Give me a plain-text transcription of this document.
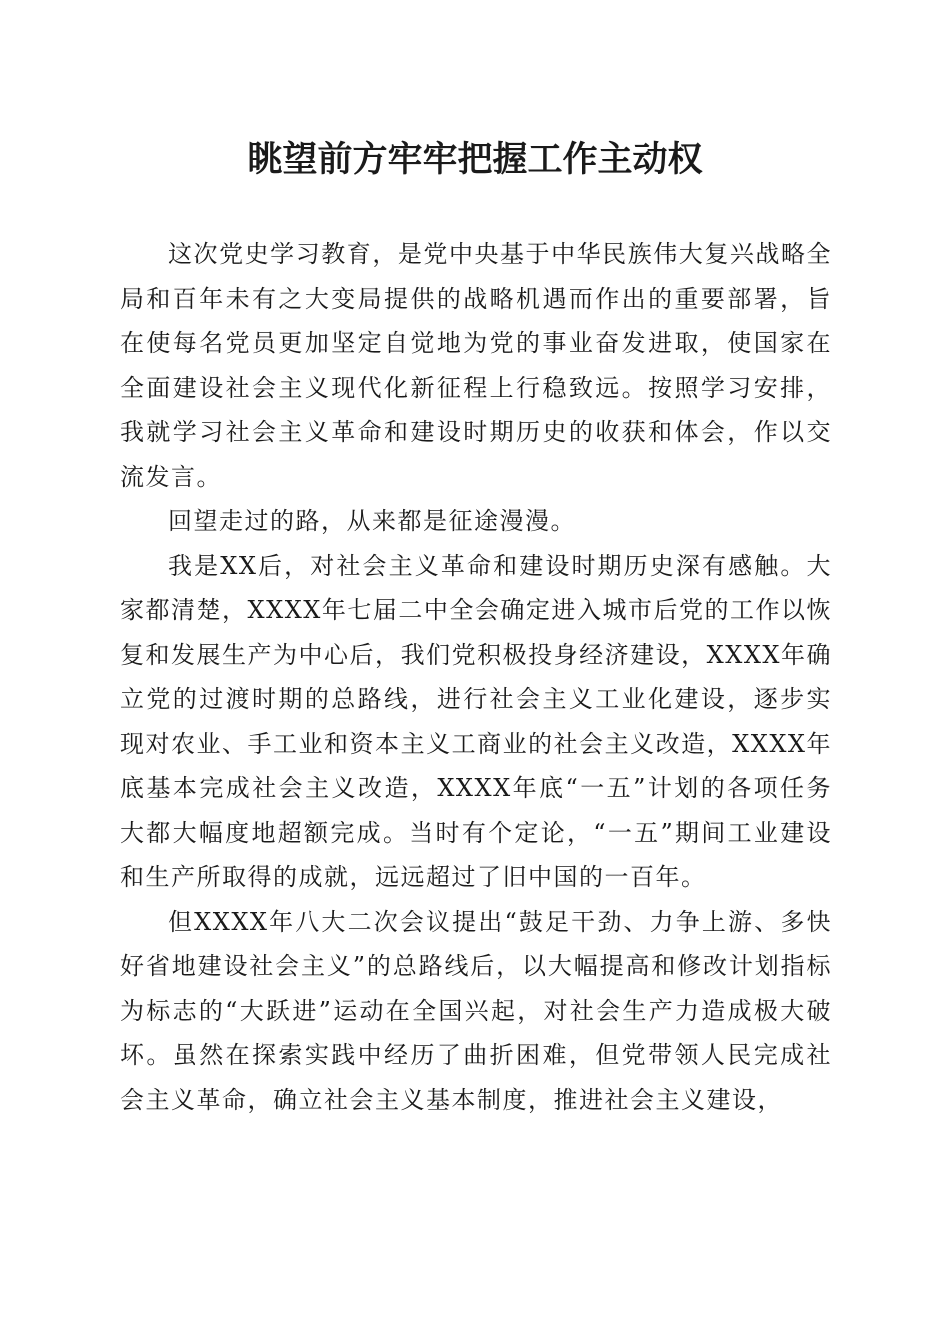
眺望前方牢牢把握工作主动权

这次党史学习教育，是党中央基于中华民族伟大复兴战略全局和百年未有之大变局提供的战略机遇而作出的重要部署，旨在使每名党员更加坚定自觉地为党的事业奋发进取，使国家在全面建设社会主义现代化新征程上行稳致远。按照学习安排，我就学习社会主义革命和建设时期历史的收获和体会，作以交流发言。

回望走过的路，从来都是征途漫漫。

我是XX后，对社会主义革命和建设时期历史深有感触。大家都清楚，XXXX年七届二中全会确定进入城市后党的工作以恢复和发展生产为中心后，我们党积极投身经济建设，XXXX年确立党的过渡时期的总路线，进行社会主义工业化建设，逐步实现对农业、手工业和资本主义工商业的社会主义改造，XXXX年底基本完成社会主义改造，XXXX年底“一五”计划的各项任务大都大幅度地超额完成。当时有个定论，“一五”期间工业建设和生产所取得的成就，远远超过了旧中国的一百年。

但XXXX年八大二次会议提出“鼓足干劲、力争上游、多快好省地建设社会主义”的总路线后，以大幅提高和修改计划指标为标志的“大跃进”运动在全国兴起，对社会生产力造成极大破坏。虽然在探索实践中经历了曲折困难，但党带领人民完成社会主义革命，确立社会主义基本制度，推进社会主义建设，
